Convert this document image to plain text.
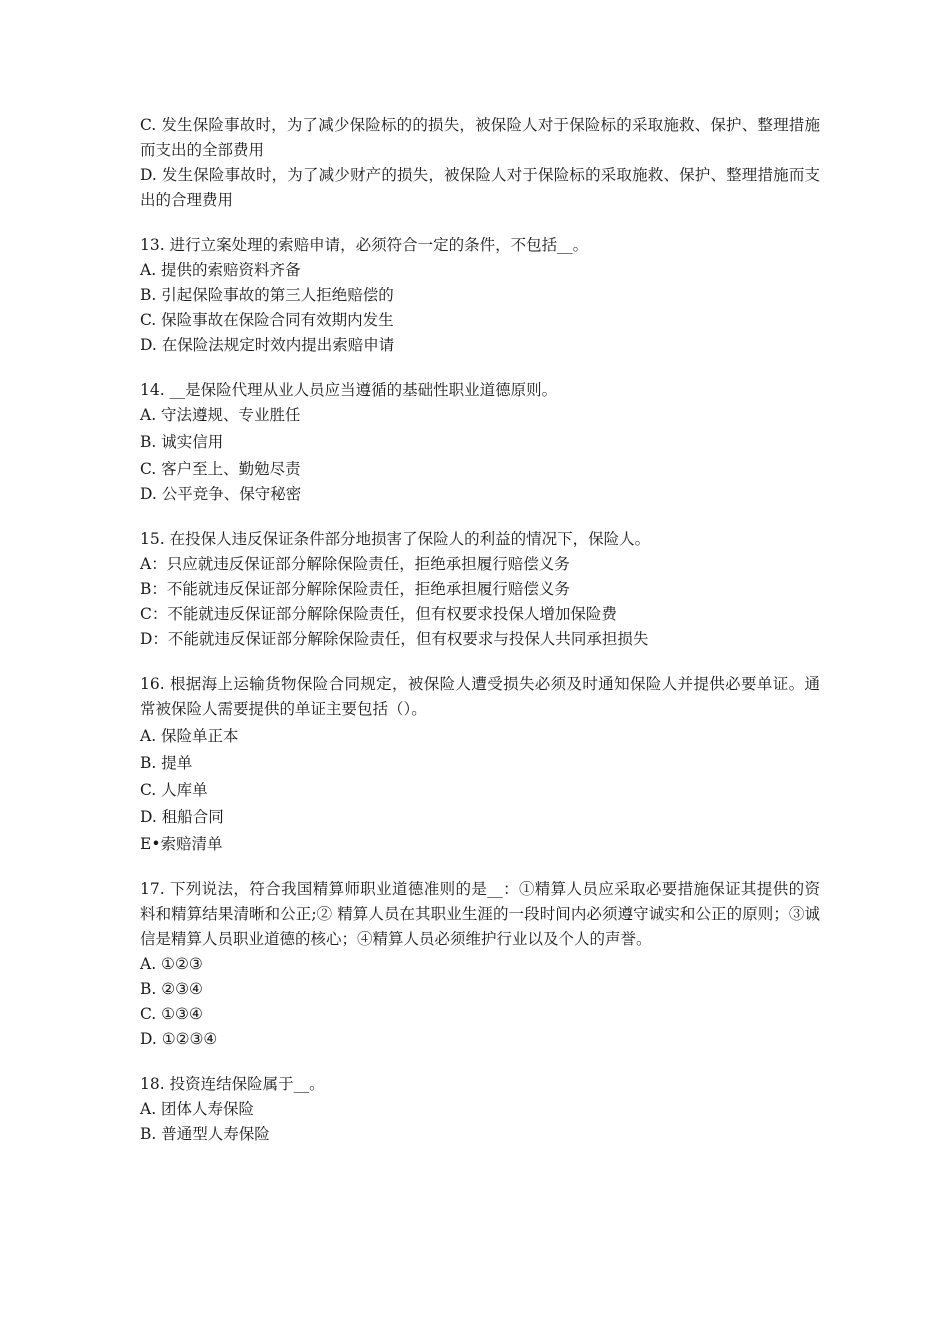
C. 发生保险事故时，为了减少保险标的的损失，被保险人对于保险标的采取施救、保护、整理措施而支出的全部费用
D. 发生保险事故时，为了减少财产的损失，被保险人对于保险标的采取施救、保护、整理措施而支出的合理费用
13. 进行立案处理的索赔申请，必须符合一定的条件，不包括__。
A. 提供的索赔资料齐备
B. 引起保险事故的第三人拒绝赔偿的
C. 保险事故在保险合同有效期内发生
D. 在保险法规定时效内提出索赔申请
14. __是保险代理从业人员应当遵循的基础性职业道德原则。
A. 守法遵规、专业胜任
B. 诚实信用
C. 客户至上、勤勉尽责
D. 公平竞争、保守秘密
15. 在投保人违反保证条件部分地损害了保险人的利益的情况下，保险人。
A：只应就违反保证部分解除保险责任，拒绝承担履行赔偿义务
B：不能就违反保证部分解除保险责任，拒绝承担履行赔偿义务
C：不能就违反保证部分解除保险责任，但有权要求投保人增加保险费
D：不能就违反保证部分解除保险责任，但有权要求与投保人共同承担损失
16. 根据海上运输货物保险合同规定，被保险人遭受损失必须及时通知保险人并提供必要单证。通常被保险人需要提供的单证主要包括（）。
A. 保险单正本
B. 提单
C. 人库单
D. 租船合同
E•索赔清单
17. 下列说法，符合我国精算师职业道德准则的是__：①精算人员应采取必要措施保证其提供的资料和精算结果清晰和公正;② 精算人员在其职业生涯的一段时间内必须遵守诚实和公正的原则；③诚信是精算人员职业道德的核心；④精算人员必须维护行业以及个人的声誉。
A. ①②③
B. ②③④
C. ①③④
D. ①②③④
18. 投资连结保险属于__。
A. 团体人寿保险
B. 普通型人寿保险
